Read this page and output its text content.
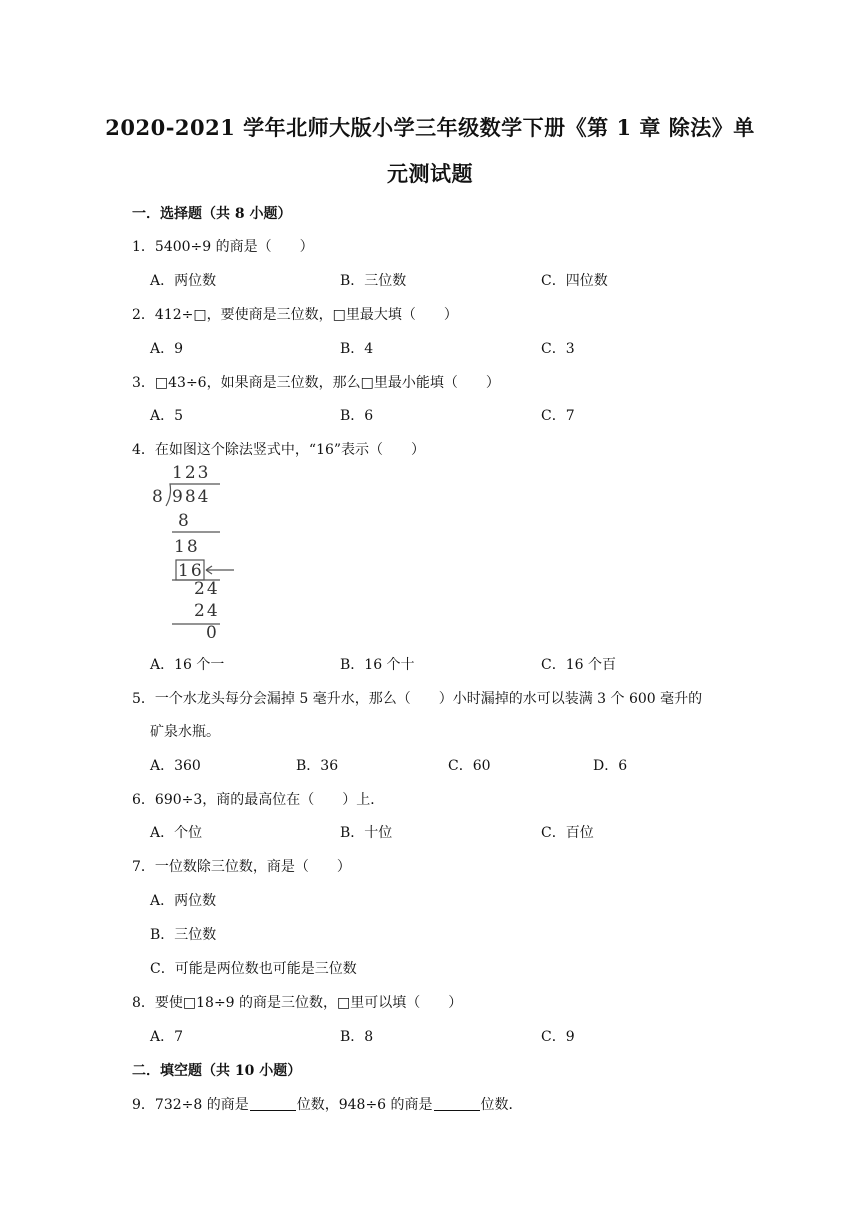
2020-2021 学年北师大版小学三年级数学下册《第 1 章 除法》单
元测试题
一．选择题（共 8 小题）
1．5400÷9 的商是（　　）
A．两位数	B．三位数	C．四位数
2．412÷□，要使商是三位数，□里最大填（　　）
A．9	B．4	C．3
3．□43÷6，如果商是三位数，那么□里最小能填（　　）
A．5	B．6	C．7
4．在如图这个除法竖式中，“16”表示（　　）
123
8 984
8
18
16
24
24
0
A．16 个一	B．16 个十	C．16 个百
5．一个水龙头每分会漏掉 5 毫升水，那么（　　）小时漏掉的水可以装满 3 个 600 毫升的
矿泉水瓶。
A．360	B．36	C．60	D．6
6．690÷3，商的最高位在（　　）上．
A．个位	B．十位	C．百位
7．一位数除三位数，商是（　　）
A．两位数
B．三位数
C．可能是两位数也可能是三位数
8．要使□18÷9 的商是三位数，□里可以填（　　）
A．7	B．8	C．9
二．填空题（共 10 小题）
9．732÷8 的商是	位数，948÷6 的商是	位数．
